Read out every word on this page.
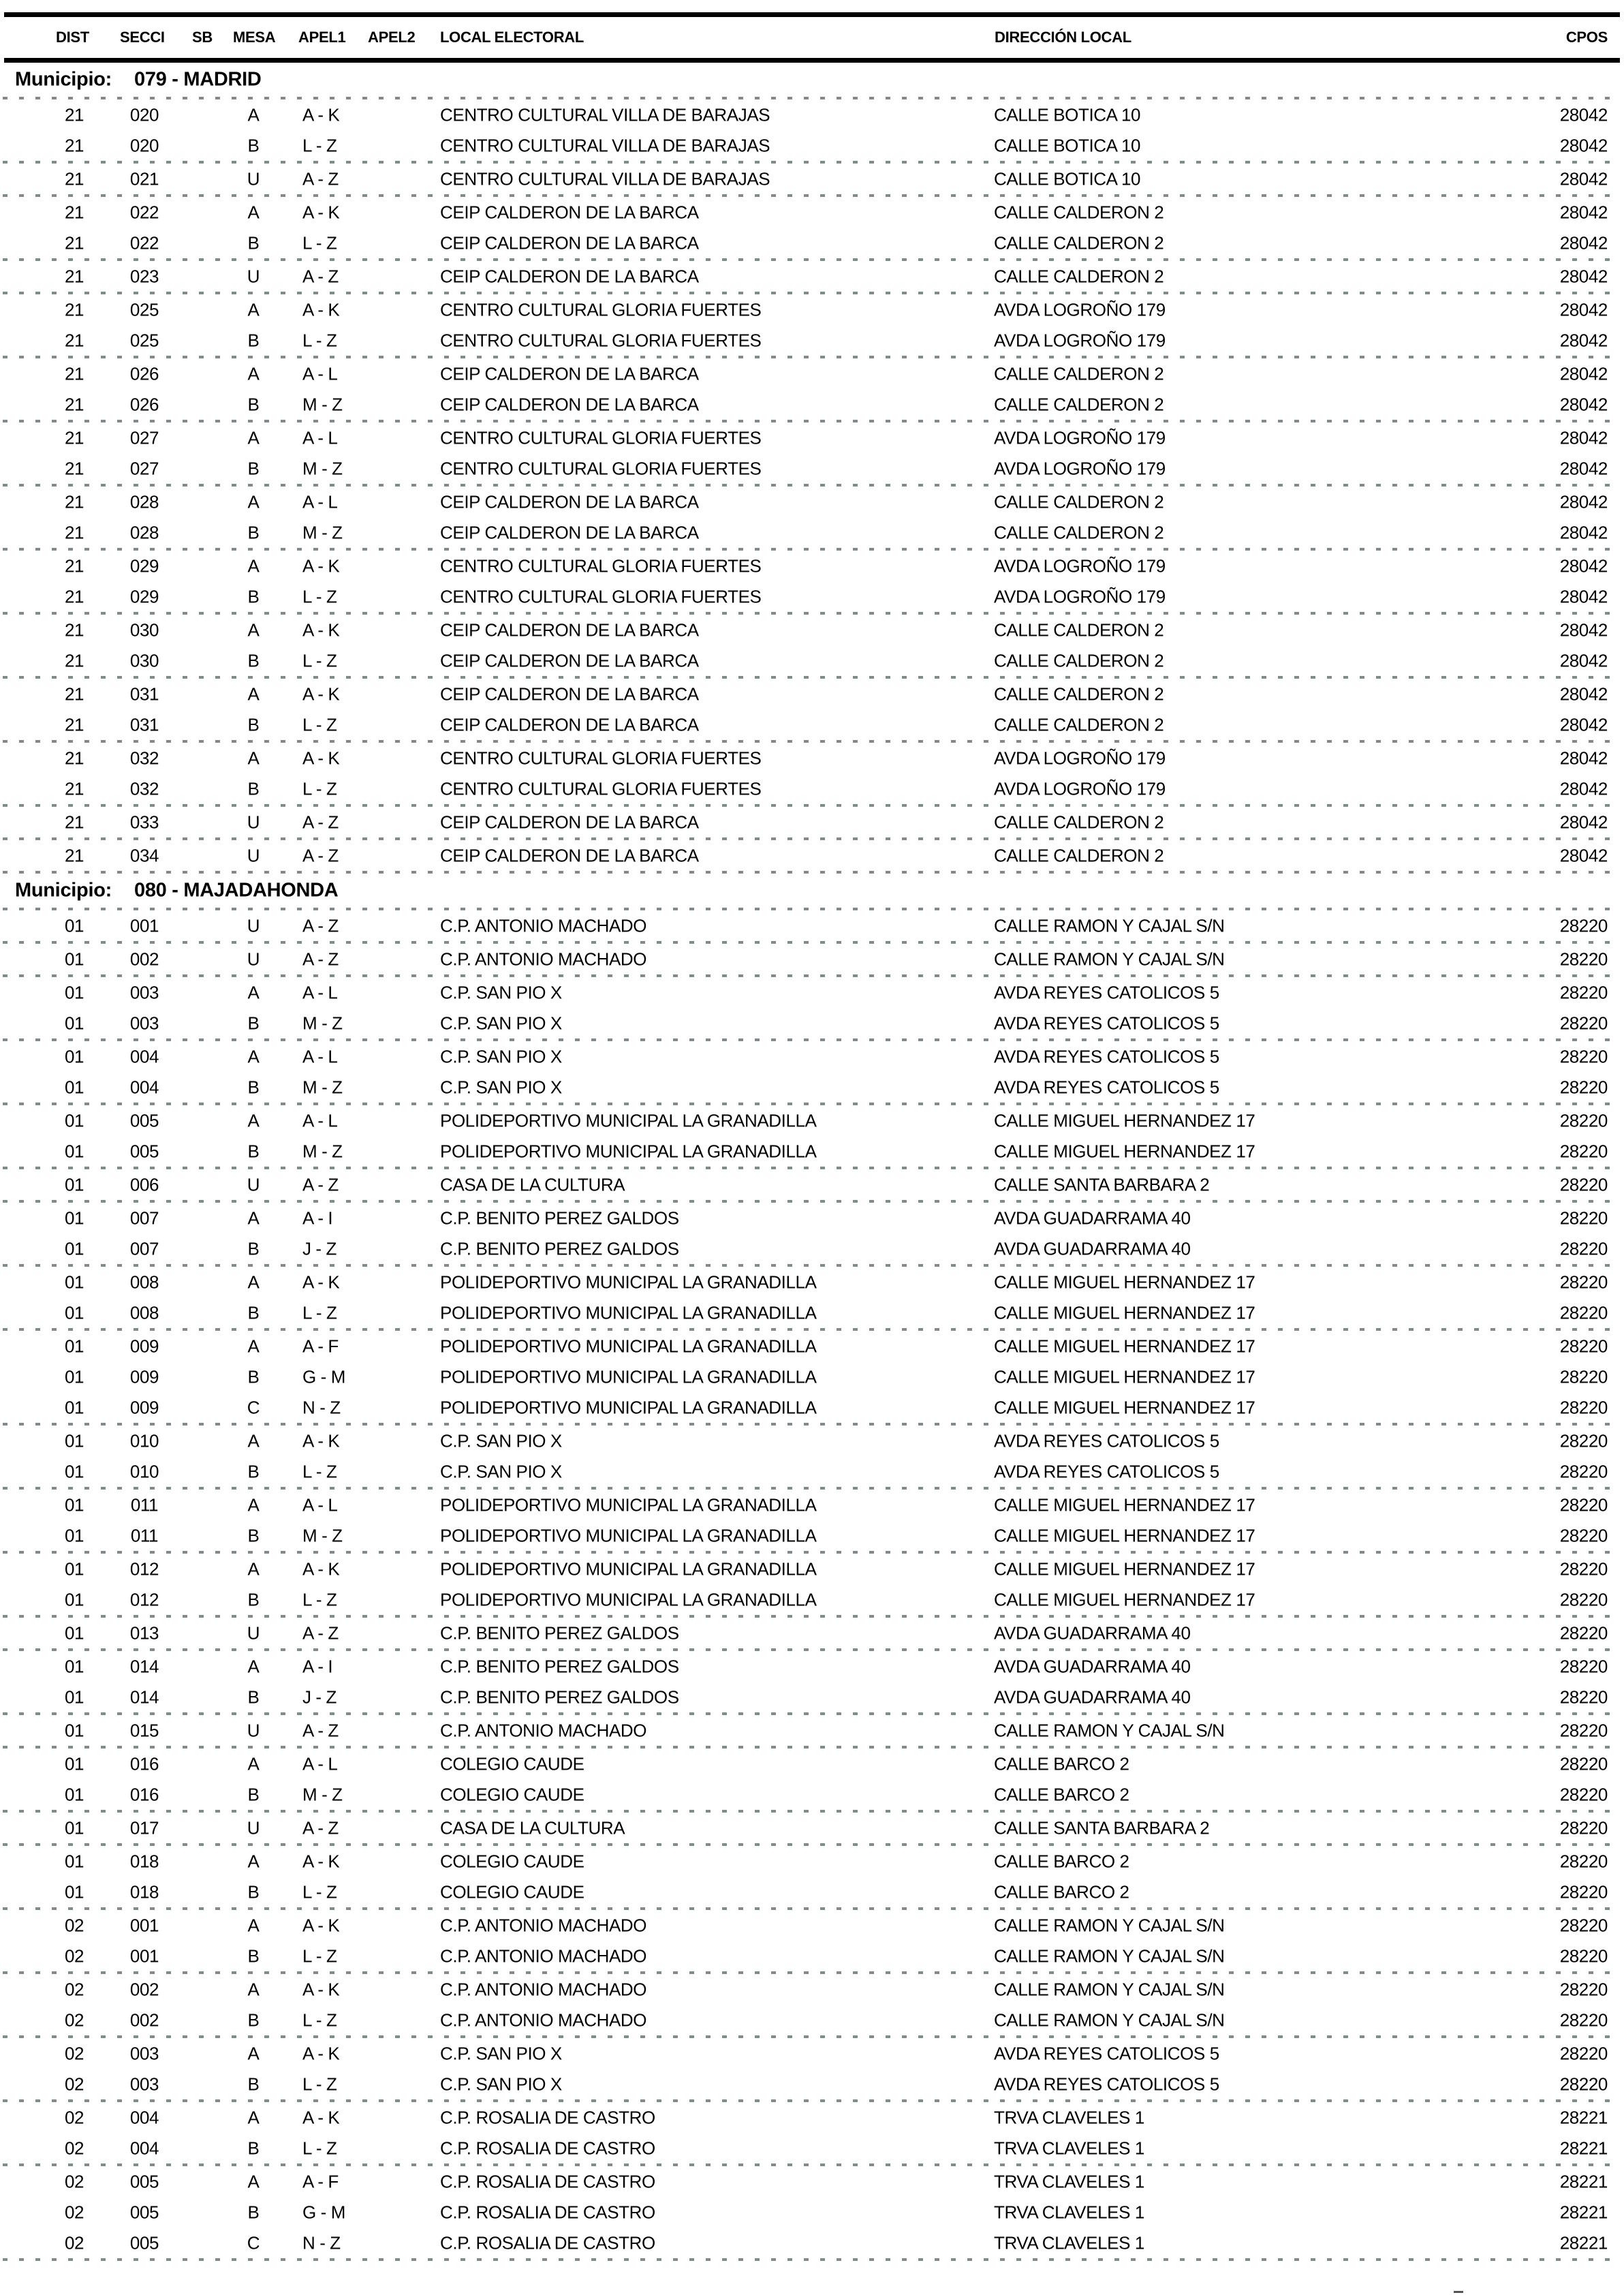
DIST SECCI SB MESA APEL1 APEL2 LOCAL ELECTORAL	DIRECCIÓN LOCAL	CPOS
Municipio: 079 - MADRID
21	020	A	A - K	CENTRO CULTURAL VILLA DE BARAJAS	CALLE BOTICA 10	28042
21	020	B	L - Z	CENTRO CULTURAL VILLA DE BARAJAS	CALLE BOTICA 10	28042
21	021	U	A - Z	CENTRO CULTURAL VILLA DE BARAJAS	CALLE BOTICA 10	28042
21	022	A	A - K	CEIP CALDERON DE LA BARCA	CALLE CALDERON 2	28042
21	022	B	L - Z	CEIP CALDERON DE LA BARCA	CALLE CALDERON 2	28042
21	023	U	A - Z	CEIP CALDERON DE LA BARCA	CALLE CALDERON 2	28042
21	025	A	A - K	CENTRO CULTURAL GLORIA FUERTES	AVDA LOGROÑO 179	28042
21	025	B	L - Z	CENTRO CULTURAL GLORIA FUERTES	AVDA LOGROÑO 179	28042
21	026	A	A - L	CEIP CALDERON DE LA BARCA	CALLE CALDERON 2	28042
21	026	B	M - Z	CEIP CALDERON DE LA BARCA	CALLE CALDERON 2	28042
21	027	A	A - L	CENTRO CULTURAL GLORIA FUERTES	AVDA LOGROÑO 179	28042
21	027	B	M - Z	CENTRO CULTURAL GLORIA FUERTES	AVDA LOGROÑO 179	28042
21	028	A	A - L	CEIP CALDERON DE LA BARCA	CALLE CALDERON 2	28042
21	028	B	M - Z	CEIP CALDERON DE LA BARCA	CALLE CALDERON 2	28042
21	029	A	A - K	CENTRO CULTURAL GLORIA FUERTES	AVDA LOGROÑO 179	28042
21	029	B	L - Z	CENTRO CULTURAL GLORIA FUERTES	AVDA LOGROÑO 179	28042
21	030	A	A - K	CEIP CALDERON DE LA BARCA	CALLE CALDERON 2	28042
21	030	B	L - Z	CEIP CALDERON DE LA BARCA	CALLE CALDERON 2	28042
21	031	A	A - K	CEIP CALDERON DE LA BARCA	CALLE CALDERON 2	28042
21	031	B	L - Z	CEIP CALDERON DE LA BARCA	CALLE CALDERON 2	28042
21	032	A	A - K	CENTRO CULTURAL GLORIA FUERTES	AVDA LOGROÑO 179	28042
21	032	B	L - Z	CENTRO CULTURAL GLORIA FUERTES	AVDA LOGROÑO 179	28042
21	033	U	A - Z	CEIP CALDERON DE LA BARCA	CALLE CALDERON 2	28042
21	034	U	A - Z	CEIP CALDERON DE LA BARCA	CALLE CALDERON 2	28042
Municipio: 080 - MAJADAHONDA
01	001	U	A - Z	C.P. ANTONIO MACHADO	CALLE RAMON Y CAJAL S/N	28220
01	002	U	A - Z	C.P. ANTONIO MACHADO	CALLE RAMON Y CAJAL S/N	28220
01	003	A	A - L	C.P. SAN PIO X	AVDA REYES CATOLICOS 5	28220
01	003	B	M - Z	C.P. SAN PIO X	AVDA REYES CATOLICOS 5	28220
01	004	A	A - L	C.P. SAN PIO X	AVDA REYES CATOLICOS 5	28220
01	004	B	M - Z	C.P. SAN PIO X	AVDA REYES CATOLICOS 5	28220
01	005	A	A - L	POLIDEPORTIVO MUNICIPAL LA GRANADILLA	CALLE MIGUEL HERNANDEZ 17	28220
01	005	B	M - Z	POLIDEPORTIVO MUNICIPAL LA GRANADILLA	CALLE MIGUEL HERNANDEZ 17	28220
01	006	U	A - Z	CASA DE LA CULTURA	CALLE SANTA BARBARA 2	28220
01	007	A	A - I	C.P. BENITO PEREZ GALDOS	AVDA GUADARRAMA 40	28220
01	007	B	J - Z	C.P. BENITO PEREZ GALDOS	AVDA GUADARRAMA 40	28220
01	008	A	A - K	POLIDEPORTIVO MUNICIPAL LA GRANADILLA	CALLE MIGUEL HERNANDEZ 17	28220
01	008	B	L - Z	POLIDEPORTIVO MUNICIPAL LA GRANADILLA	CALLE MIGUEL HERNANDEZ 17	28220
01	009	A	A - F	POLIDEPORTIVO MUNICIPAL LA GRANADILLA	CALLE MIGUEL HERNANDEZ 17	28220
01	009	B	G - M	POLIDEPORTIVO MUNICIPAL LA GRANADILLA	CALLE MIGUEL HERNANDEZ 17	28220
01	009	C	N - Z	POLIDEPORTIVO MUNICIPAL LA GRANADILLA	CALLE MIGUEL HERNANDEZ 17	28220
01	010	A	A - K	C.P. SAN PIO X	AVDA REYES CATOLICOS 5	28220
01	010	B	L - Z	C.P. SAN PIO X	AVDA REYES CATOLICOS 5	28220
01	011	A	A - L	POLIDEPORTIVO MUNICIPAL LA GRANADILLA	CALLE MIGUEL HERNANDEZ 17	28220
01	011	B	M - Z	POLIDEPORTIVO MUNICIPAL LA GRANADILLA	CALLE MIGUEL HERNANDEZ 17	28220
01	012	A	A - K	POLIDEPORTIVO MUNICIPAL LA GRANADILLA	CALLE MIGUEL HERNANDEZ 17	28220
01	012	B	L - Z	POLIDEPORTIVO MUNICIPAL LA GRANADILLA	CALLE MIGUEL HERNANDEZ 17	28220
01	013	U	A - Z	C.P. BENITO PEREZ GALDOS	AVDA GUADARRAMA 40	28220
01	014	A	A - I	C.P. BENITO PEREZ GALDOS	AVDA GUADARRAMA 40	28220
01	014	B	J - Z	C.P. BENITO PEREZ GALDOS	AVDA GUADARRAMA 40	28220
01	015	U	A - Z	C.P. ANTONIO MACHADO	CALLE RAMON Y CAJAL S/N	28220
01	016	A	A - L	COLEGIO CAUDE	CALLE BARCO 2	28220
01	016	B	M - Z	COLEGIO CAUDE	CALLE BARCO 2	28220
01	017	U	A - Z	CASA DE LA CULTURA	CALLE SANTA BARBARA 2	28220
01	018	A	A - K	COLEGIO CAUDE	CALLE BARCO 2	28220
01	018	B	L - Z	COLEGIO CAUDE	CALLE BARCO 2	28220
02	001	A	A - K	C.P. ANTONIO MACHADO	CALLE RAMON Y CAJAL S/N	28220
02	001	B	L - Z	C.P. ANTONIO MACHADO	CALLE RAMON Y CAJAL S/N	28220
02	002	A	A - K	C.P. ANTONIO MACHADO	CALLE RAMON Y CAJAL S/N	28220
02	002	B	L - Z	C.P. ANTONIO MACHADO	CALLE RAMON Y CAJAL S/N	28220
02	003	A	A - K	C.P. SAN PIO X	AVDA REYES CATOLICOS 5	28220
02	003	B	L - Z	C.P. SAN PIO X	AVDA REYES CATOLICOS 5	28220
02	004	A	A - K	C.P. ROSALIA DE CASTRO	TRVA CLAVELES 1	28221
02	004	B	L - Z	C.P. ROSALIA DE CASTRO	TRVA CLAVELES 1	28221
02	005	A	A - F	C.P. ROSALIA DE CASTRO	TRVA CLAVELES 1	28221
02	005	B	G - M	C.P. ROSALIA DE CASTRO	TRVA CLAVELES 1	28221
02	005	C	N - Z	C.P. ROSALIA DE CASTRO	TRVA CLAVELES 1	28221
